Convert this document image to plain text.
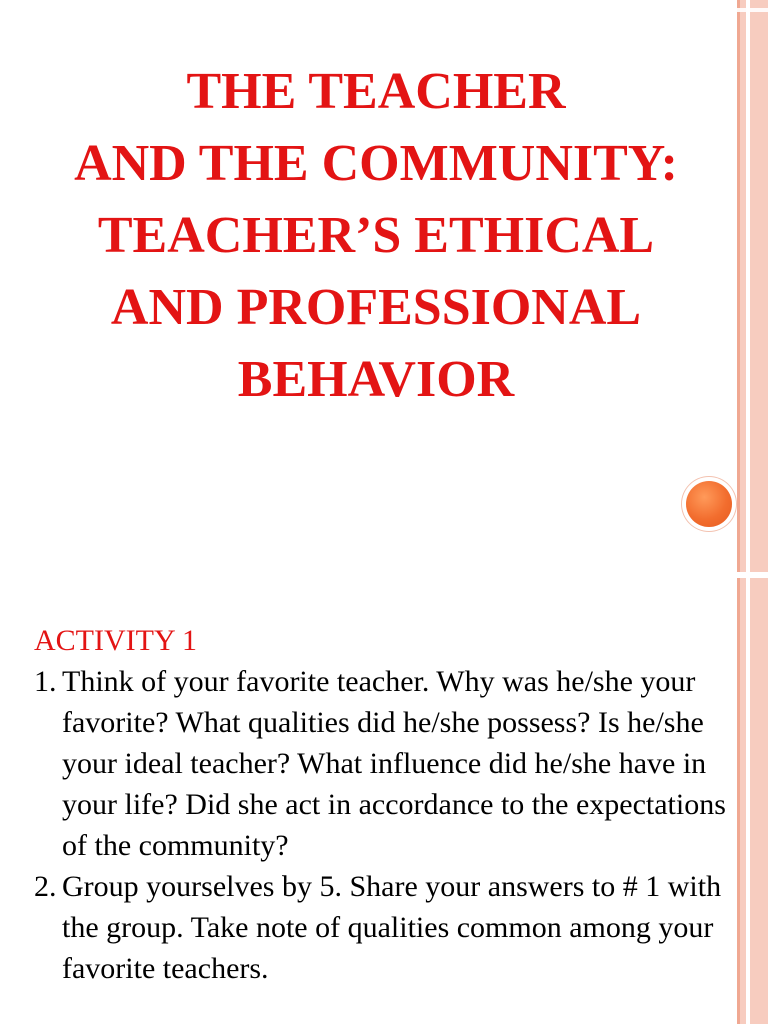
THE TEACHER
AND THE COMMUNITY:
TEACHER’S ETHICAL
AND PROFESSIONAL
BEHAVIOR
ACTIVITY 1
1. Think of your favorite teacher. Why was he/she your favorite? What qualities did he/she possess? Is he/she your ideal teacher? What influence did he/she have in your life? Did she act in accordance to the expectations of the community?
2. Group yourselves by 5. Share your answers to # 1 with the group. Take note of qualities common among your favorite teachers.
